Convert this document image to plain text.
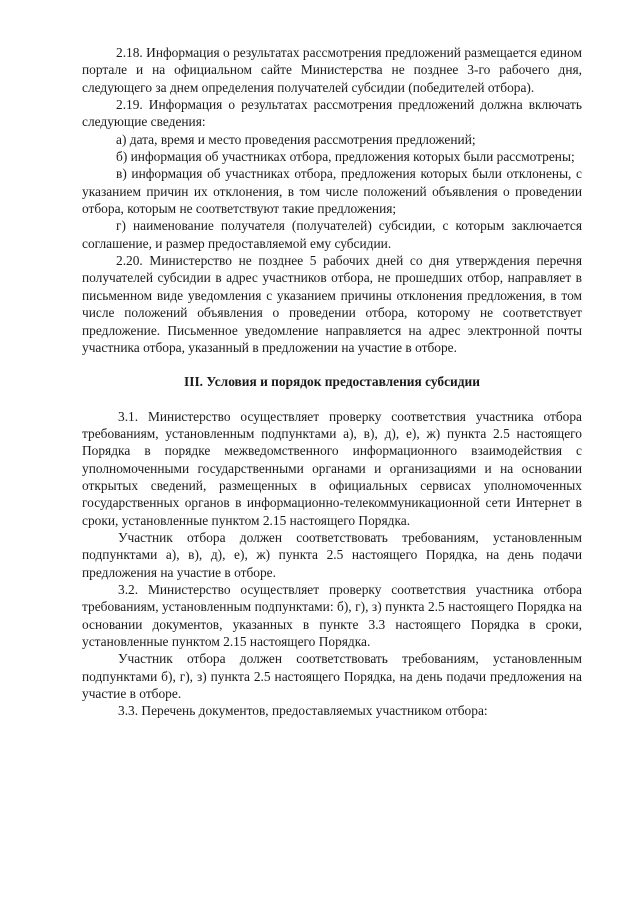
2.18. Информация о результатах рассмотрения предложений размещается едином портале и на официальном сайте Министерства не позднее 3-го рабочего дня, следующего за днем определения получателей субсидии (победителей отбора).

2.19. Информация о результатах рассмотрения предложений должна включать следующие сведения:

а) дата, время и место проведения рассмотрения предложений;

б) информация об участниках отбора, предложения которых были рассмотрены;

в) информация об участниках отбора, предложения которых были отклонены, с указанием причин их отклонения, в том числе положений объявления о проведении отбора, которым не соответствуют такие предложения;

г) наименование получателя (получателей) субсидии, с которым заключается соглашение, и размер предоставляемой ему субсидии.

2.20. Министерство не позднее 5 рабочих дней со дня утверждения перечня получателей субсидии в адрес участников отбора, не прошедших отбор, направляет в письменном виде уведомления с указанием причины отклонения предложения, в том числе положений объявления о проведении отбора, которому не соответствует предложение. Письменное уведомление направляется на адрес электронной почты участника отбора, указанный в предложении на участие в отборе.

III. Условия и порядок предоставления субсидии

3.1. Министерство осуществляет проверку соответствия участника отбора требованиям, установленным подпунктами а), в), д), е), ж) пункта 2.5 настоящего Порядка в порядке межведомственного информационного взаимодействия с уполномоченными государственными органами и организациями и на основании открытых сведений, размещенных в официальных сервисах уполномоченных государственных органов в информационно-телекоммуникационной сети Интернет в сроки, установленные пунктом 2.15 настоящего Порядка.

Участник отбора должен соответствовать требованиям, установленным подпунктами а), в), д), е), ж) пункта 2.5 настоящего Порядка, на день подачи предложения на участие в отборе.

3.2. Министерство осуществляет проверку соответствия участника отбора требованиям, установленным подпунктами: б), г), з) пункта 2.5 настоящего Порядка на основании документов, указанных в пункте 3.3 настоящего Порядка в сроки, установленные пунктом 2.15 настоящего Порядка.

Участник отбора должен соответствовать требованиям, установленным подпунктами б), г), з) пункта 2.5 настоящего Порядка, на день подачи предложения на участие в отборе.

3.3. Перечень документов, предоставляемых участником отбора:
